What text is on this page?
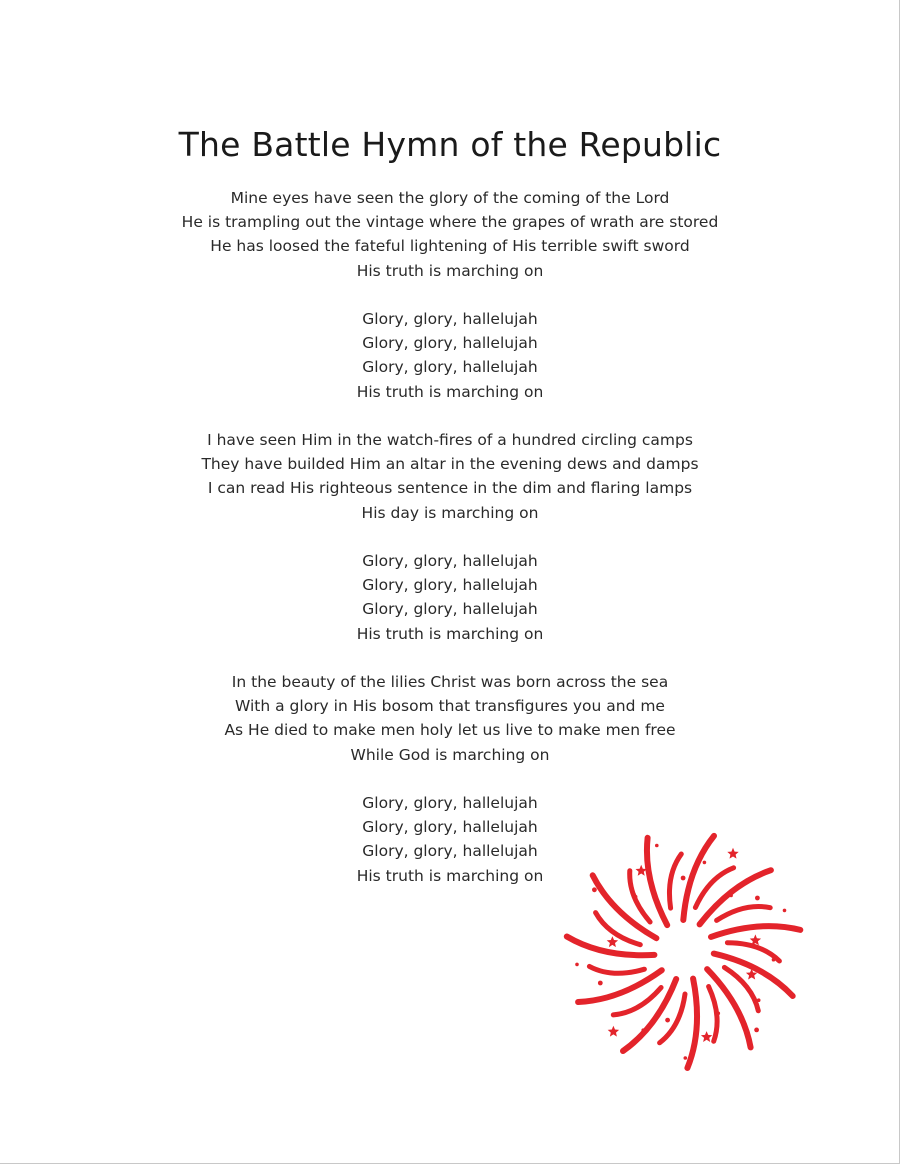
The Battle Hymn of the Republic
Mine eyes have seen the glory of the coming of the Lord
He is trampling out the vintage where the grapes of wrath are stored
He has loosed the fateful lightening of His terrible swift sword
His truth is marching on
Glory, glory, hallelujah
Glory, glory, hallelujah
Glory, glory, hallelujah
His truth is marching on
I have seen Him in the watch-fires of a hundred circling camps
They have builded Him an altar in the evening dews and damps
I can read His righteous sentence in the dim and flaring lamps
His day is marching on
Glory, glory, hallelujah
Glory, glory, hallelujah
Glory, glory, hallelujah
His truth is marching on
In the beauty of the lilies Christ was born across the sea
With a glory in His bosom that transfigures you and me
As He died to make men holy let us live to make men free
While God is marching on
Glory, glory, hallelujah
Glory, glory, hallelujah
Glory, glory, hallelujah
His truth is marching on
